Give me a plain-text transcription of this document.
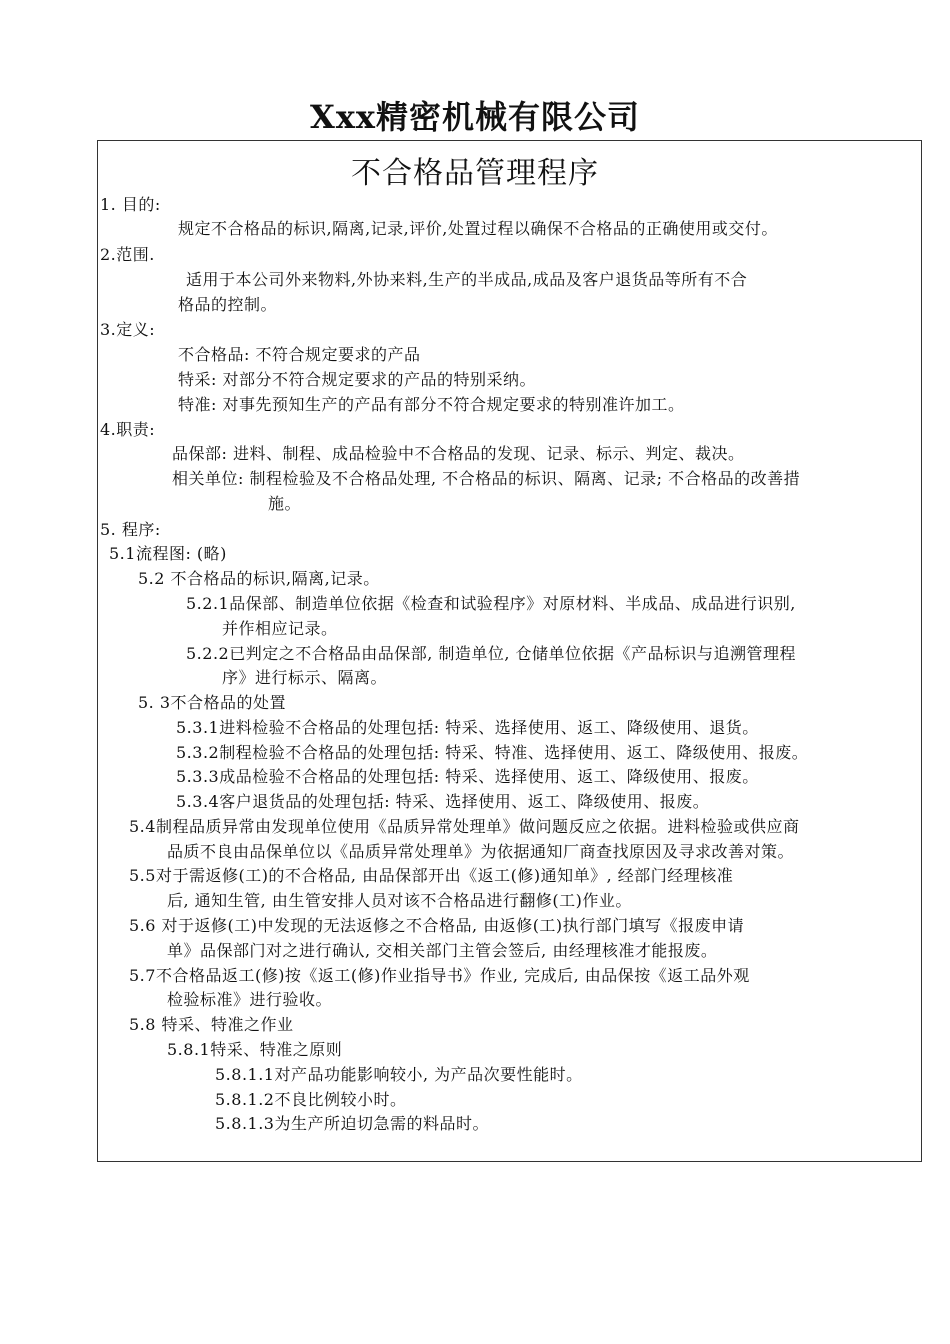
Xxx精密机械有限公司
不合格品管理程序
1. 目的:
规定不合格品的标识,隔离,记录,评价,处置过程以确保不合格品的正确使用或交付。
2.范围.
适用于本公司外来物料,外协来料,生产的半成品,成品及客户退货品等所有不合
格品的控制。
3.定义:
不合格品: 不符合规定要求的产品
特采: 对部分不符合规定要求的产品的特别采纳。
特准: 对事先预知生产的产品有部分不符合规定要求的特别准许加工。
4.职责:
品保部: 进料、制程、成品检验中不合格品的发现、记录、标示、判定、裁决。
相关单位: 制程检验及不合格品处理, 不合格品的标识、隔离、记录; 不合格品的改善措
施。
5. 程序:
5.1流程图: (略)
5.2 不合格品的标识,隔离,记录。
5.2.1品保部、制造单位依据《检查和试验程序》对原材料、半成品、成品进行识别,
并作相应记录。
5.2.2已判定之不合格品由品保部, 制造单位, 仓储单位依据《产品标识与追溯管理程
序》进行标示、隔离。
5. 3不合格品的处置
5.3.1进料检验不合格品的处理包括: 特采、选择使用、返工、降级使用、退货。
5.3.2制程检验不合格品的处理包括: 特采、特准、选择使用、返工、降级使用、报废。
5.3.3成品检验不合格品的处理包括: 特采、选择使用、返工、降级使用、报废。
5.3.4客户退货品的处理包括: 特采、选择使用、返工、降级使用、报废。
5.4制程品质异常由发现单位使用《品质异常处理单》做问题反应之依据。进料检验或供应商
品质不良由品保单位以《品质异常处理单》为依据通知厂商查找原因及寻求改善对策。
5.5对于需返修(工)的不合格品, 由品保部开出《返工(修)通知单》, 经部门经理核准
后, 通知生管, 由生管安排人员对该不合格品进行翻修(工)作业。
5.6 对于返修(工)中发现的无法返修之不合格品, 由返修(工)执行部门填写《报废申请
单》品保部门对之进行确认, 交相关部门主管会签后, 由经理核准才能报废。
5.7不合格品返工(修)按《返工(修)作业指导书》作业, 完成后, 由品保按《返工品外观
检验标准》进行验收。
5.8 特采、特准之作业
5.8.1特采、特准之原则
5.8.1.1对产品功能影响较小, 为产品次要性能时。
5.8.1.2不良比例较小时。
5.8.1.3为生产所迫切急需的料品时。
